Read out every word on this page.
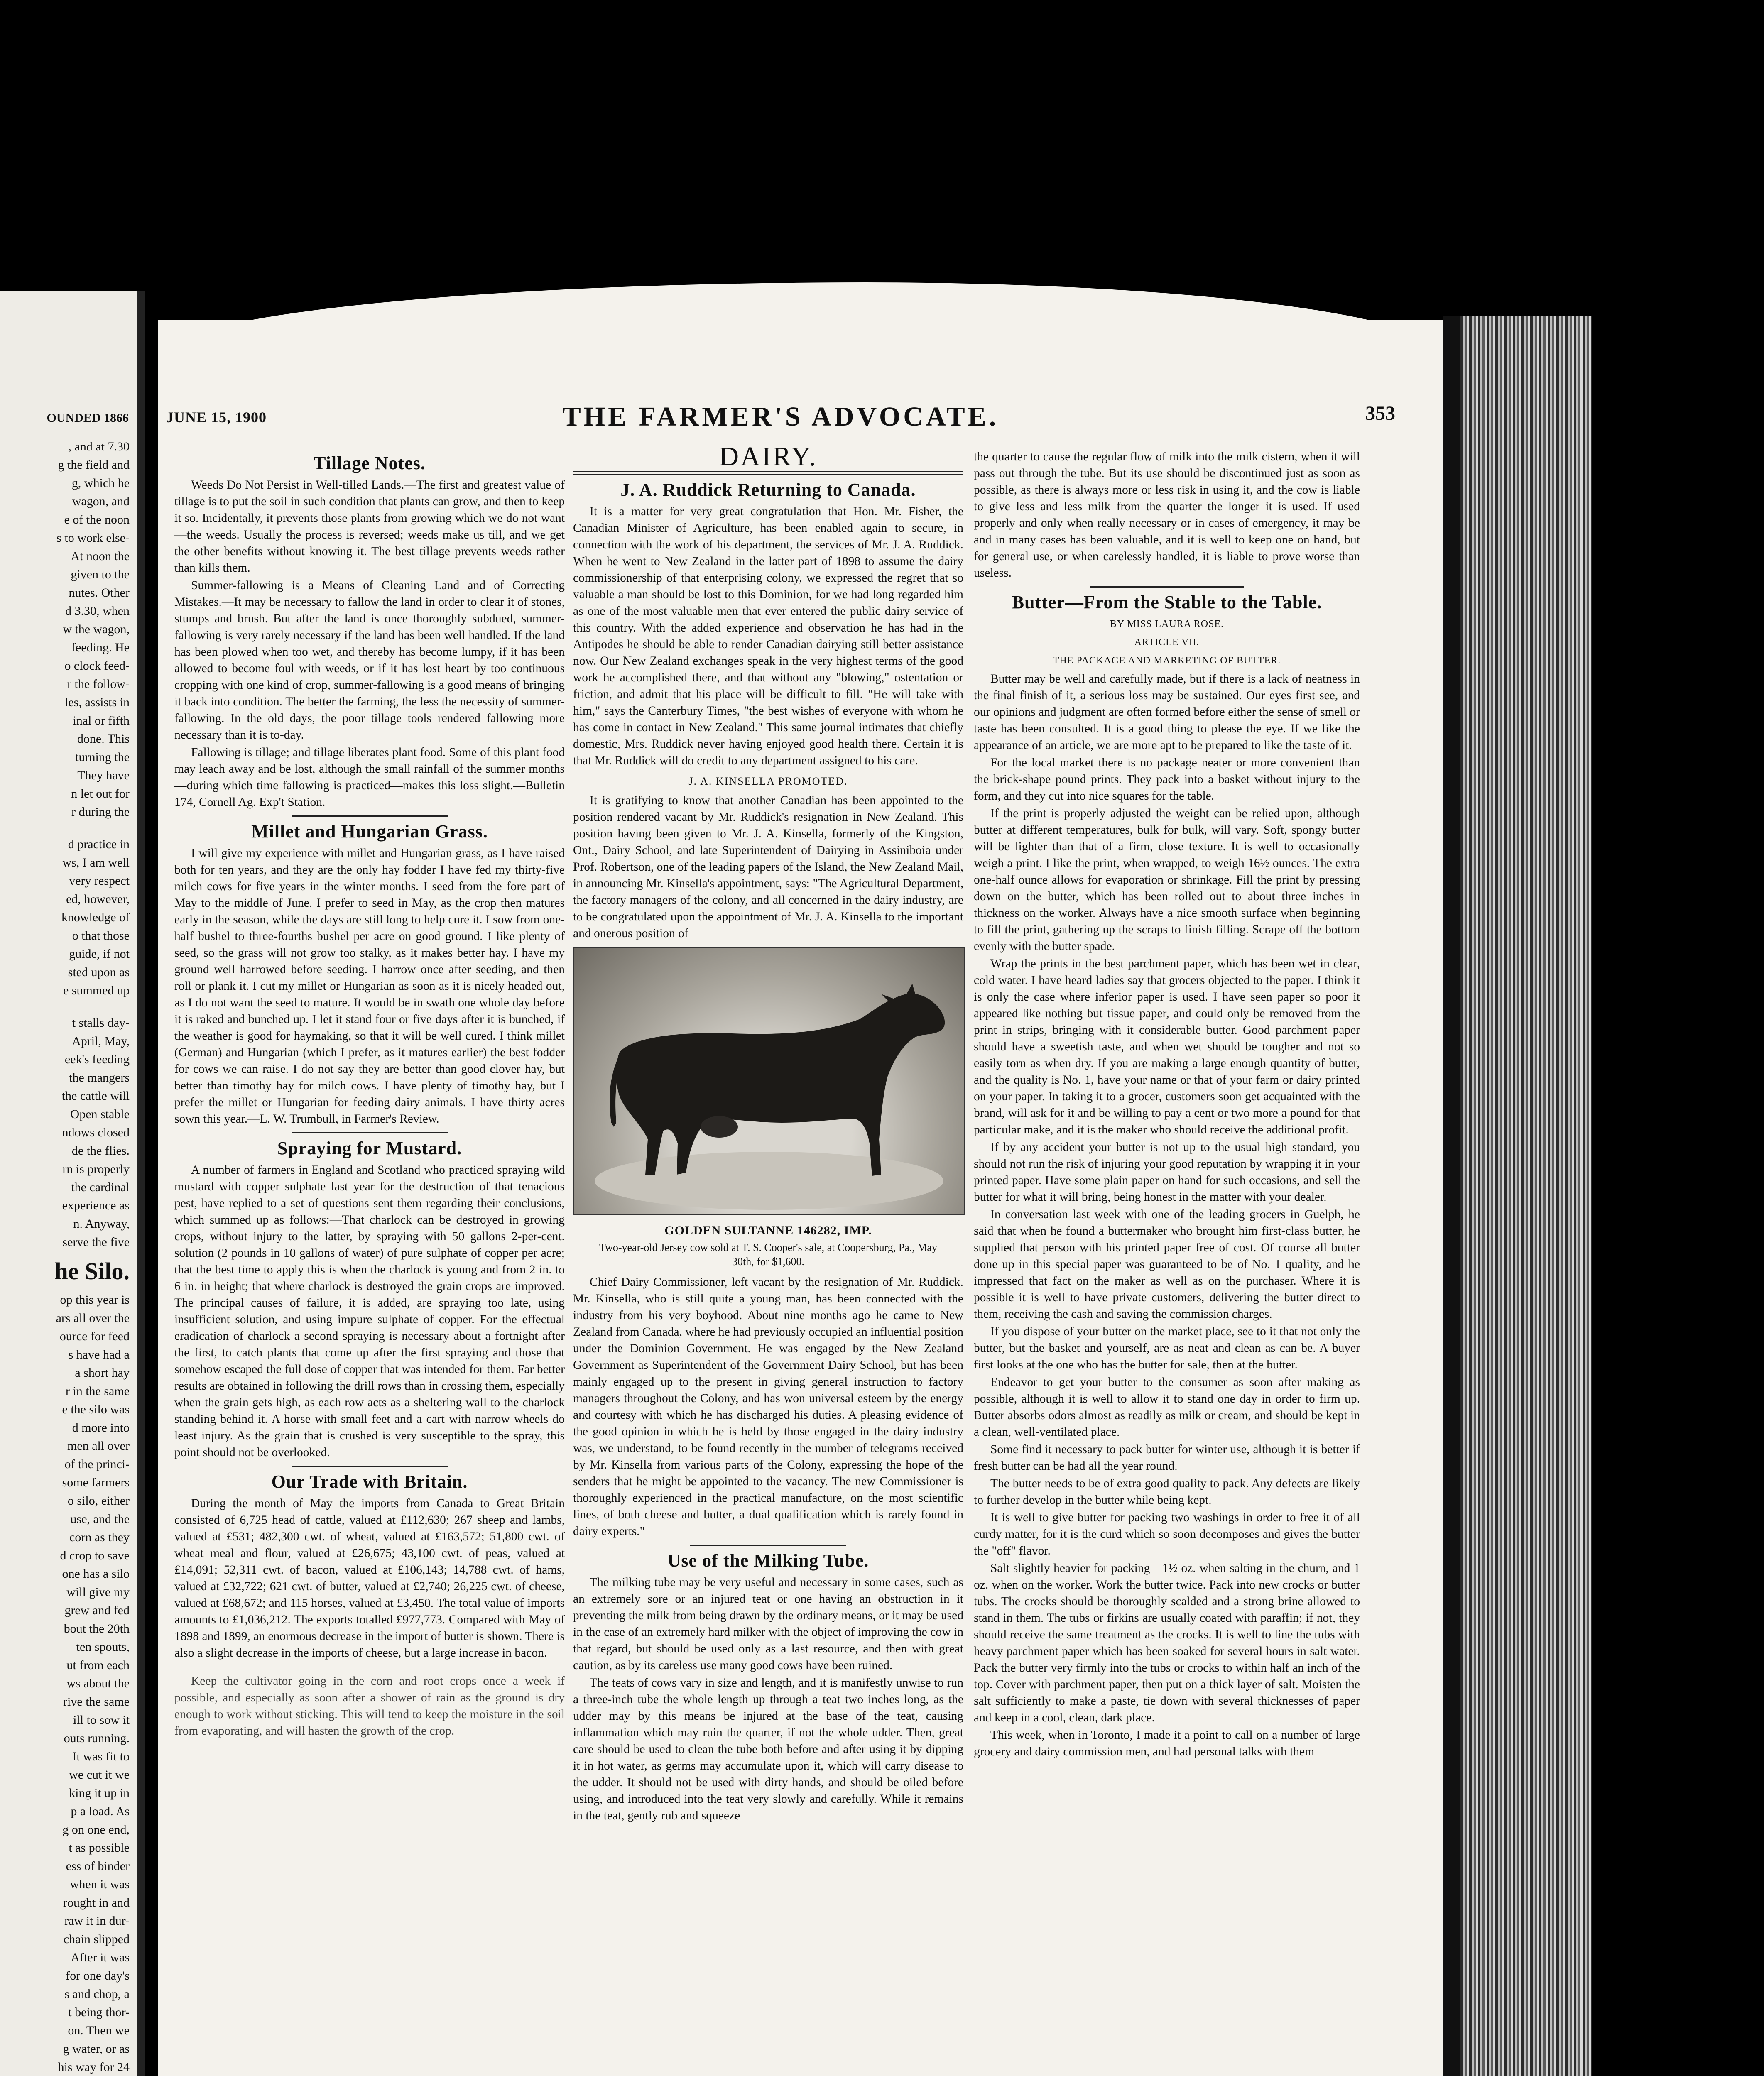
OUNDED 1866

, and at 7.30

g the field and

g, which he

wagon, and

e of the noon

s to work else-

At noon the

given to the

nutes. Other

d 3.30, when

w the wagon,

feeding. He

o clock feed-

r the follow-

les, assists in

inal or fifth

done. This

turning the

They have

n let out for

r during the

d practice in

ws, I am well

very respect

ed, however,

knowledge of

o that those

guide, if not

sted upon as

e summed up

t stalls day-

April, May,

eek's feeding

the mangers

the cattle will

Open stable

ndows closed

de the flies.

rn is properly

the cardinal

experience as

n. Anyway,

serve the five

he Silo.

op this year is

ars all over the

ource for feed

s have had a

a short hay

r in the same

e the silo was

d more into

men all over

of the princi-

some farmers

o silo, either

use, and the

corn as they

d crop to save

one has a silo

will give my

grew and fed

bout the 20th

ten spouts,

ut from each

ws about the

rive the same

ill to sow it

outs running.

It was fit to

we cut it we

king it up in

p a load. As

g on one end,

t as possible

ess of binder

when it was

rought in and

raw it in dur-

chain slipped

After it was

for one day's

s and chop, a

t being thor-

on. Then we

g water, or as

his way for 24

JUNE 15, 1900	THE FARMER'S ADVOCATE.	353
Tillage Notes.

Weeds Do Not Persist in Well-tilled Lands.—The first and greatest value of tillage is to put the soil in such condition that plants can grow, and then to keep it so. Incidentally, it prevents those plants from growing which we do not want—the weeds. Usually the process is reversed; weeds make us till, and we get the other benefits without knowing it. The best tillage prevents weeds rather than kills them.

Summer-fallowing is a Means of Cleaning Land and of Correcting Mistakes.—It may be necessary to fallow the land in order to clear it of stones, stumps and brush. But after the land is once thoroughly subdued, summer-fallowing is very rarely necessary if the land has been well handled. If the land has been plowed when too wet, and thereby has become lumpy, if it has been allowed to become foul with weeds, or if it has lost heart by too continuous cropping with one kind of crop, summer-fallowing is a good means of bringing it back into condition. The better the farming, the less the necessity of summer-fallowing. In the old days, the poor tillage tools rendered fallowing more necessary than it is to-day.

Fallowing is tillage; and tillage liberates plant food. Some of this plant food may leach away and be lost, although the small rainfall of the summer months—during which time fallowing is practiced—makes this loss slight.—Bulletin 174, Cornell Ag. Exp't Station.

Millet and Hungarian Grass.

I will give my experience with millet and Hungarian grass, as I have raised both for ten years, and they are the only hay fodder I have fed my thirty-five milch cows for five years in the winter months. I seed from the fore part of May to the middle of June. I prefer to seed in May, as the crop then matures early in the season, while the days are still long to help cure it. I sow from one-half bushel to three-fourths bushel per acre on good ground. I like plenty of seed, so the grass will not grow too stalky, as it makes better hay. I have my ground well harrowed before seeding. I harrow once after seeding, and then roll or plank it. I cut my millet or Hungarian as soon as it is nicely headed out, as I do not want the seed to mature. It would be in swath one whole day before it is raked and bunched up. I let it stand four or five days after it is bunched, if the weather is good for haymaking, so that it will be well cured. I think millet (German) and Hungarian (which I prefer, as it matures earlier) the best fodder for cows we can raise. I do not say they are better than good clover hay, but better than timothy hay for milch cows. I have plenty of timothy hay, but I prefer the millet or Hungarian for feeding dairy animals. I have thirty acres sown this year.—L. W. Trumbull, in Farmer's Review.

Spraying for Mustard.

A number of farmers in England and Scotland who practiced spraying wild mustard with copper sulphate last year for the destruction of that tenacious pest, have replied to a set of questions sent them regarding their conclusions, which summed up as follows:—That charlock can be destroyed in growing crops, without injury to the latter, by spraying with 50 gallons 2-per-cent. solution (2 pounds in 10 gallons of water) of pure sulphate of copper per acre; that the best time to apply this is when the charlock is young and from 2 in. to 6 in. in height; that where charlock is destroyed the grain crops are improved. The principal causes of failure, it is added, are spraying too late, using insufficient solution, and using impure sulphate of copper. For the effectual eradication of charlock a second spraying is necessary about a fortnight after the first, to catch plants that come up after the first spraying and those that somehow escaped the full dose of copper that was intended for them. Far better results are obtained in following the drill rows than in crossing them, especially when the grain gets high, as each row acts as a sheltering wall to the charlock standing behind it. A horse with small feet and a cart with narrow wheels do least injury. As the grain that is crushed is very susceptible to the spray, this point should not be overlooked.

Our Trade with Britain.

During the month of May the imports from Canada to Great Britain consisted of 6,725 head of cattle, valued at £112,630; 267 sheep and lambs, valued at £531; 482,300 cwt. of wheat, valued at £163,572; 51,800 cwt. of wheat meal and flour, valued at £26,675; 43,100 cwt. of peas, valued at £14,091; 52,311 cwt. of bacon, valued at £106,143; 14,788 cwt. of hams, valued at £32,722; 621 cwt. of butter, valued at £2,740; 26,225 cwt. of cheese, valued at £68,672; and 115 horses, valued at £3,450. The total value of imports amounts to £1,036,212. The exports totalled £977,773. Compared with May of 1898 and 1899, an enormous decrease in the import of butter is shown. There is also a slight decrease in the imports of cheese, but a large increase in bacon.

Keep the cultivator going in the corn and root crops once a week if possible, and especially as soon after a shower of rain as the ground is dry enough to work without sticking. This will tend to keep the moisture in the soil from evaporating, and will hasten the growth of the crop.

DAIRY.
J. A. Ruddick Returning to Canada.

It is a matter for very great congratulation that Hon. Mr. Fisher, the Canadian Minister of Agriculture, has been enabled again to secure, in connection with the work of his department, the services of Mr. J. A. Ruddick. When he went to New Zealand in the latter part of 1898 to assume the dairy commissionership of that enterprising colony, we expressed the regret that so valuable a man should be lost to this Dominion, for we had long regarded him as one of the most valuable men that ever entered the public dairy service of this country. With the added experience and observation he has had in the Antipodes he should be able to render Canadian dairying still better assistance now. Our New Zealand exchanges speak in the very highest terms of the good work he accomplished there, and that without any "blowing," ostentation or friction, and admit that his place will be difficult to fill. "He will take with him," says the Canterbury Times, "the best wishes of everyone with whom he has come in contact in New Zealand." This same journal intimates that chiefly domestic, Mrs. Ruddick never having enjoyed good health there. Certain it is that Mr. Ruddick will do credit to any department assigned to his care.

J. A. KINSELLA PROMOTED.

It is gratifying to know that another Canadian has been appointed to the position rendered vacant by Mr. Ruddick's resignation in New Zealand. This position having been given to Mr. J. A. Kinsella, formerly of the Kingston, Ont., Dairy School, and late Superintendent of Dairying in Assiniboia under Prof. Robertson, one of the leading papers of the Island, the New Zealand Mail, in announcing Mr. Kinsella's appointment, says: "The Agricultural Department, the factory managers of the colony, and all concerned in the dairy industry, are to be congratulated upon the appointment of Mr. J. A. Kinsella to the important and onerous position of

GOLDEN SULTANNE 146282, IMP.
Two-year-old Jersey cow sold at T. S. Cooper's sale, at Coopersburg, Pa., May 30th, for $1,600.

Chief Dairy Commissioner, left vacant by the resignation of Mr. Ruddick. Mr. Kinsella, who is still quite a young man, has been connected with the industry from his very boyhood. About nine months ago he came to New Zealand from Canada, where he had previously occupied an influential position under the Dominion Government. He was engaged by the New Zealand Government as Superintendent of the Government Dairy School, but has been mainly engaged up to the present in giving general instruction to factory managers throughout the Colony, and has won universal esteem by the energy and courtesy with which he has discharged his duties. A pleasing evidence of the good opinion in which he is held by those engaged in the dairy industry was, we understand, to be found recently in the number of telegrams received by Mr. Kinsella from various parts of the Colony, expressing the hope of the senders that he might be appointed to the vacancy. The new Commissioner is thoroughly experienced in the practical manufacture, on the most scientific lines, of both cheese and butter, a dual qualification which is rarely found in dairy experts."

Use of the Milking Tube.

The milking tube may be very useful and necessary in some cases, such as an extremely sore or an injured teat or one having an obstruction in it preventing the milk from being drawn by the ordinary means, or it may be used in the case of an extremely hard milker with the object of improving the cow in that regard, but should be used only as a last resource, and then with great caution, as by its careless use many good cows have been ruined.

The teats of cows vary in size and length, and it is manifestly unwise to run a three-inch tube the whole length up through a teat two inches long, as the udder may by this means be injured at the base of the teat, causing inflammation which may ruin the quarter, if not the whole udder. Then, great care should be used to clean the tube both before and after using it by dipping it in hot water, as germs may accumulate upon it, which will carry disease to the udder. It should not be used with dirty hands, and should be oiled before using, and introduced into the teat very slowly and carefully. While it remains in the teat, gently rub and squeeze

the quarter to cause the regular flow of milk into the milk cistern, when it will pass out through the tube. But its use should be discontinued just as soon as possible, as there is always more or less risk in using it, and the cow is liable to give less and less milk from the quarter the longer it is used. If used properly and only when really necessary or in cases of emergency, it may be and in many cases has been valuable, and it is well to keep one on hand, but for general use, or when carelessly handled, it is liable to prove worse than useless.

Butter—From the Stable to the Table.
BY MISS LAURA ROSE.
ARTICLE VII.
THE PACKAGE AND MARKETING OF BUTTER.

Butter may be well and carefully made, but if there is a lack of neatness in the final finish of it, a serious loss may be sustained. Our eyes first see, and our opinions and judgment are often formed before either the sense of smell or taste has been consulted. It is a good thing to please the eye. If we like the appearance of an article, we are more apt to be prepared to like the taste of it.

For the local market there is no package neater or more convenient than the brick-shape pound prints. They pack into a basket without injury to the form, and they cut into nice squares for the table.

If the print is properly adjusted the weight can be relied upon, although butter at different temperatures, bulk for bulk, will vary. Soft, spongy butter will be lighter than that of a firm, close texture. It is well to occasionally weigh a print. I like the print, when wrapped, to weigh 16½ ounces. The extra one-half ounce allows for evaporation or shrinkage. Fill the print by pressing down on the butter, which has been rolled out to about three inches in thickness on the worker. Always have a nice smooth surface when beginning to fill the print, gathering up the scraps to finish filling. Scrape off the bottom evenly with the butter spade.

Wrap the prints in the best parchment paper, which has been wet in clear, cold water. I have heard ladies say that grocers objected to the paper. I think it is only the case where inferior paper is used. I have seen paper so poor it appeared like nothing but tissue paper, and could only be removed from the print in strips, bringing with it considerable butter. Good parchment paper should have a sweetish taste, and when wet should be tougher and not so easily torn as when dry. If you are making a large enough quantity of butter, and the quality is No. 1, have your name or that of your farm or dairy printed on your paper. In taking it to a grocer, customers soon get acquainted with the brand, will ask for it and be willing to pay a cent or two more a pound for that particular make, and it is the maker who should receive the additional profit.

If by any accident your butter is not up to the usual high standard, you should not run the risk of injuring your good reputation by wrapping it in your printed paper. Have some plain paper on hand for such occasions, and sell the butter for what it will bring, being honest in the matter with your dealer.

In conversation last week with one of the leading grocers in Guelph, he said that when he found a buttermaker who brought him first-class butter, he supplied that person with his printed paper free of cost. Of course all butter done up in this special paper was guaranteed to be of No. 1 quality, and he impressed that fact on the maker as well as on the purchaser. Where it is possible it is well to have private customers, delivering the butter direct to them, receiving the cash and saving the commission charges.

If you dispose of your butter on the market place, see to it that not only the butter, but the basket and yourself, are as neat and clean as can be. A buyer first looks at the one who has the butter for sale, then at the butter.

Endeavor to get your butter to the consumer as soon after making as possible, although it is well to allow it to stand one day in order to firm up. Butter absorbs odors almost as readily as milk or cream, and should be kept in a clean, well-ventilated place.

Some find it necessary to pack butter for winter use, although it is better if fresh butter can be had all the year round.

The butter needs to be of extra good quality to pack. Any defects are likely to further develop in the butter while being kept.

It is well to give butter for packing two washings in order to free it of all curdy matter, for it is the curd which so soon decomposes and gives the butter the "off" flavor.

Salt slightly heavier for packing—1½ oz. when salting in the churn, and 1 oz. when on the worker. Work the butter twice. Pack into new crocks or butter tubs. The crocks should be thoroughly scalded and a strong brine allowed to stand in them. The tubs or firkins are usually coated with paraffin; if not, they should receive the same treatment as the crocks. It is well to line the tubs with heavy parchment paper which has been soaked for several hours in salt water. Pack the butter very firmly into the tubs or crocks to within half an inch of the top. Cover with parchment paper, then put on a thick layer of salt. Moisten the salt sufficiently to make a paste, tie down with several thicknesses of paper and keep in a cool, clean, dark place.

This week, when in Toronto, I made it a point to call on a number of large grocery and dairy commission men, and had personal talks with them
